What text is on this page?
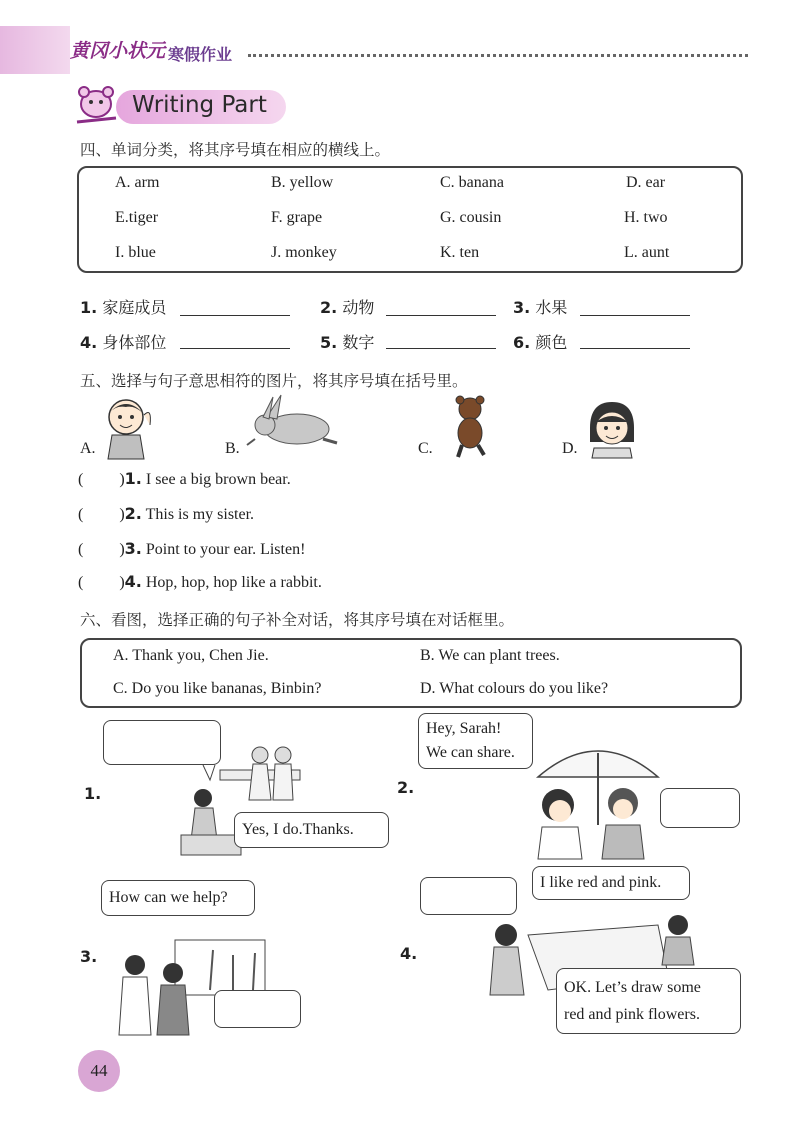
黄冈小状元 寒假作业
Writing Part
四、单词分类，将其序号填在相应的横线上。
A. arm	B. yellow	C. banana	D. ear
E.tiger	F. grape	G. cousin	H. two
I. blue	J. monkey	K. ten	L. aunt
1. 家庭成员	2. 动物	3. 水果
4. 身体部位	5. 数字	6. 颜色
五、选择与句子意思相符的图片，将其序号填在括号里。
A.	B.	C.	D.
( )1. I see a big brown bear.
( )2. This is my sister.
( )3. Point to your ear. Listen!
( )4. Hop, hop, hop like a rabbit.
六、看图，选择正确的句子补全对话，将其序号填在对话框里。
A. Thank you, Chen Jie.	B. We can plant trees.
C. Do you like bananas, Binbin?	D. What colours do you like?
1.
Yes, I do.Thanks.
2.
Hey, Sarah!
We can share.
3.
How can we help?
4.
I like red and pink.
OK. Let’s draw some
red and pink flowers.
44
